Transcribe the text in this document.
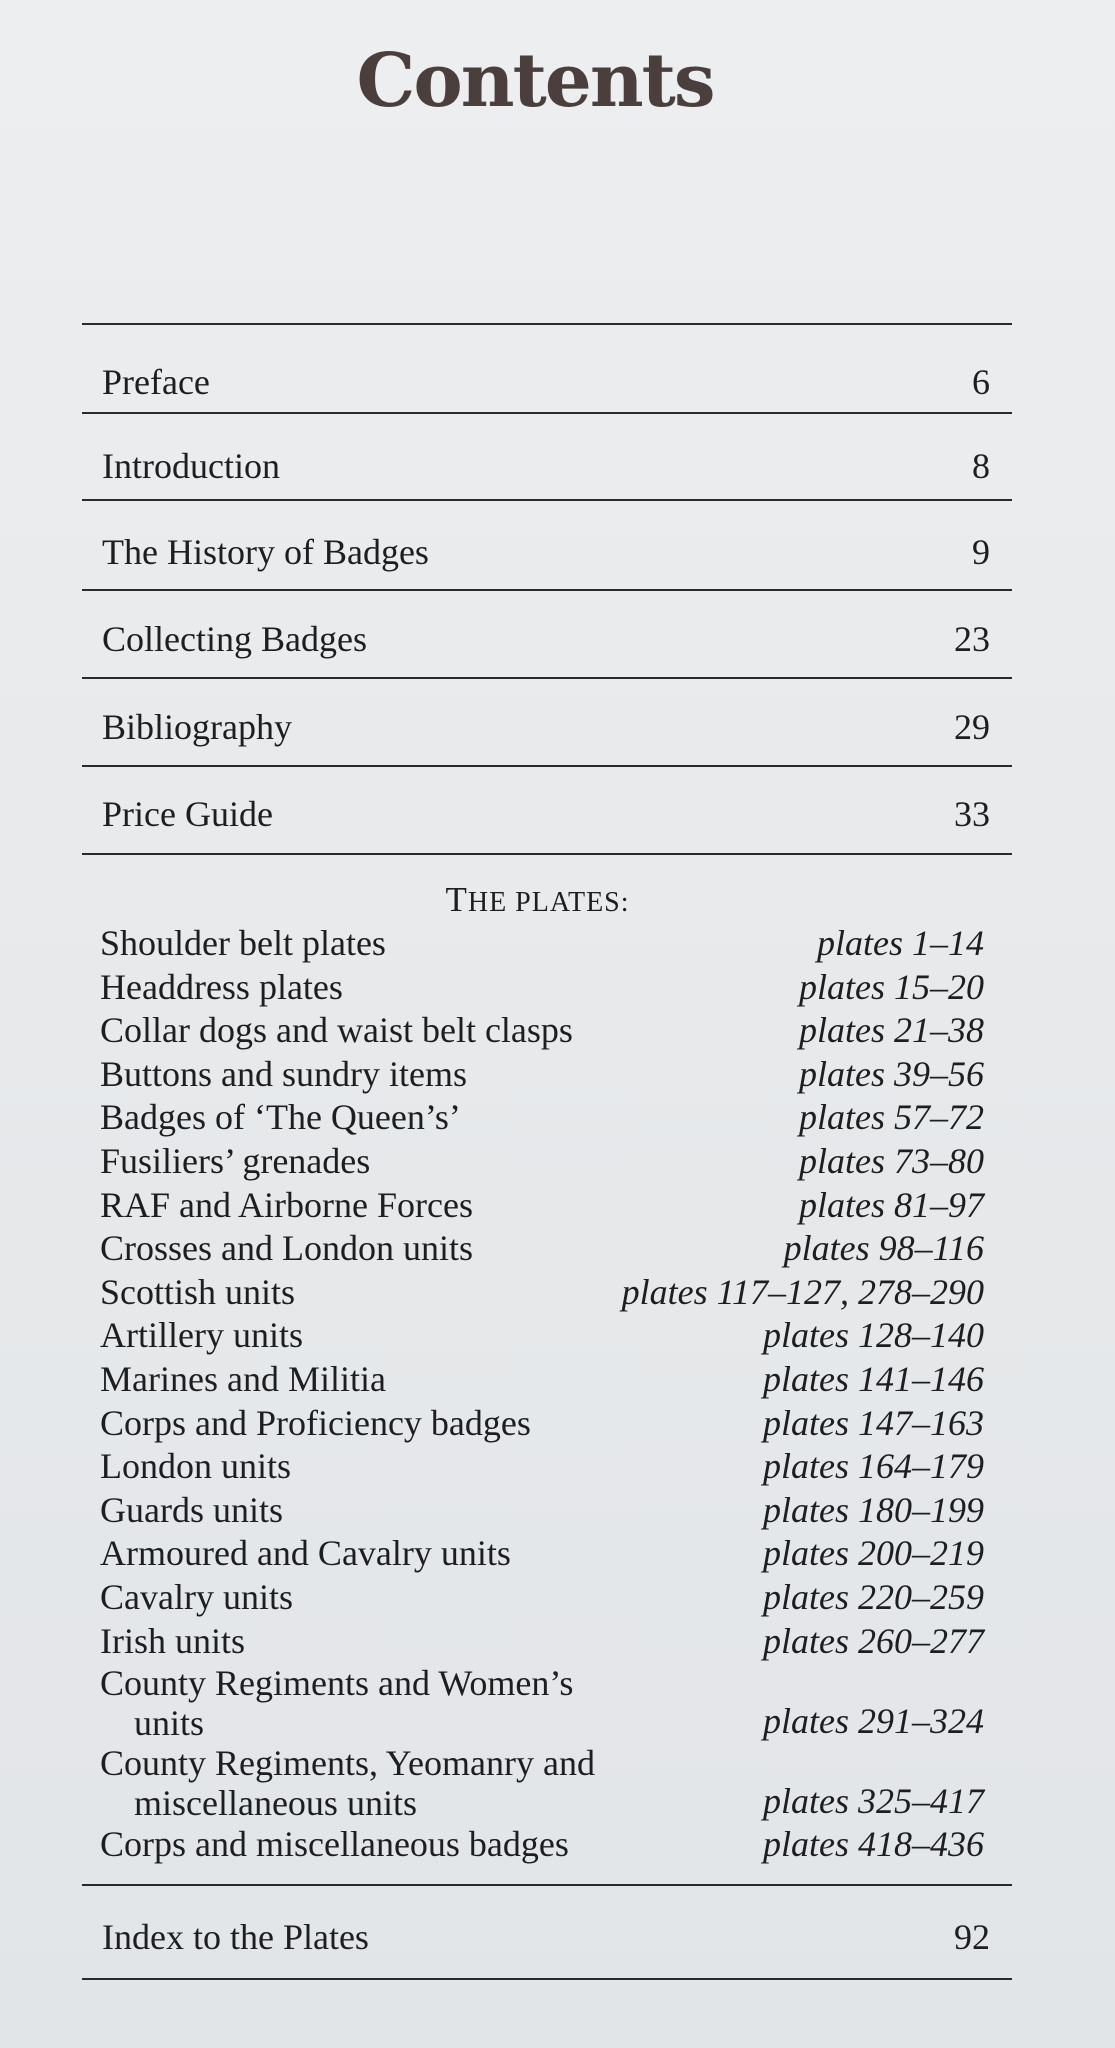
Contents
Preface	6
Introduction	8
The History of Badges	9
Collecting Badges	23
Bibliography	29
Price Guide	33
THE PLATES:
Shoulder belt plates	plates 1–14
Headdress plates	plates 15–20
Collar dogs and waist belt clasps	plates 21–38
Buttons and sundry items	plates 39–56
Badges of ‘The Queen’s’	plates 57–72
Fusiliers’ grenades	plates 73–80
RAF and Airborne Forces	plates 81–97
Crosses and London units	plates 98–116
Scottish units	plates 117–127, 278–290
Artillery units	plates 128–140
Marines and Militia	plates 141–146
Corps and Proficiency badges	plates 147–163
London units	plates 164–179
Guards units	plates 180–199
Armoured and Cavalry units	plates 200–219
Cavalry units	plates 220–259
Irish units	plates 260–277
County Regiments and Women’s
units	plates 291–324
County Regiments, Yeomanry and
miscellaneous units	plates 325–417
Corps and miscellaneous badges	plates 418–436
Index to the Plates	92
